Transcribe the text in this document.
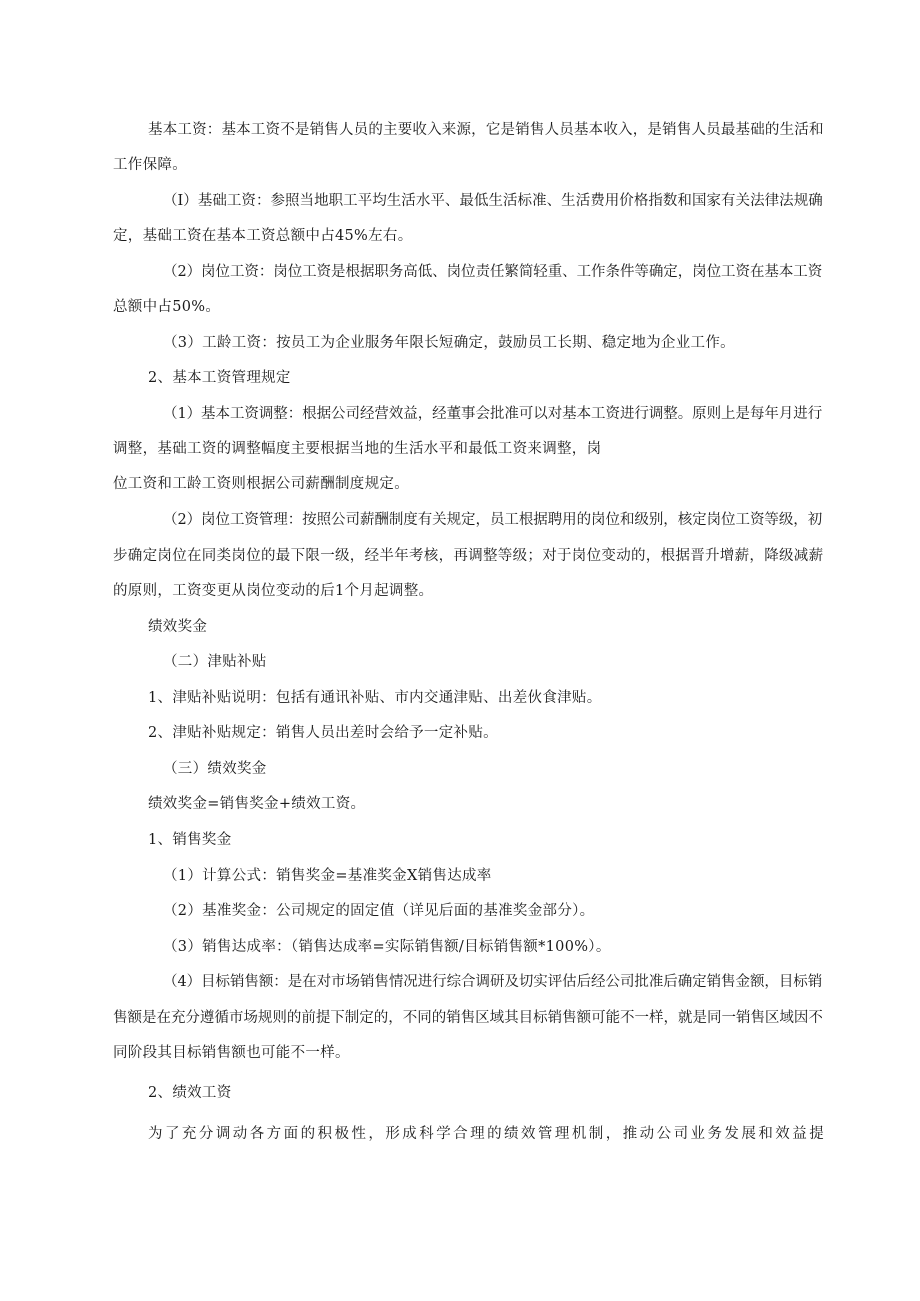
基本工资：基本工资不是销售人员的主要收入来源，它是销售人员基本收入，是销售人员最基础的生活和
工作保障。
（I）基础工资：参照当地职工平均生活水平、最低生活标准、生活费用价格指数和国家有关法律法规确
定，基础工资在基本工资总额中占45%左右。
（2）岗位工资：岗位工资是根据职务高低、岗位责任繁简轻重、工作条件等确定，岗位工资在基本工资
总额中占50%。
（3）工龄工资：按员工为企业服务年限长短确定，鼓励员工长期、稳定地为企业工作。
2、基本工资管理规定
（1）基本工资调整：根据公司经营效益，经董事会批准可以对基本工资进行调整。原则上是每年月进行
调整，基础工资的调整幅度主要根据当地的生活水平和最低工资来调整，岗
位工资和工龄工资则根据公司薪酬制度规定。
（2）岗位工资管理：按照公司薪酬制度有关规定，员工根据聘用的岗位和级别，核定岗位工资等级，初
步确定岗位在同类岗位的最下限一级，经半年考核，再调整等级；对于岗位变动的，根据晋升增薪，降级减薪
的原则，工资变更从岗位变动的后1个月起调整。
绩效奖金
（二）津贴补贴
1、津贴补贴说明：包括有通讯补贴、市内交通津贴、出差伙食津贴。
2、津贴补贴规定：销售人员出差时会给予一定补贴。
（三）绩效奖金
绩效奖金=销售奖金+绩效工资。
1、销售奖金
（1）计算公式：销售奖金=基准奖金X销售达成率
（2）基准奖金：公司规定的固定值（详见后面的基准奖金部分）。
（3）销售达成率：（销售达成率=实际销售额/目标销售额*100%）。
（4）目标销售额：是在对市场销售情况进行综合调研及切实评估后经公司批准后确定销售金额，目标销
售额是在充分遵循市场规则的前提下制定的，不同的销售区域其目标销售额可能不一样，就是同一销售区域因不
同阶段其目标销售额也可能不一样。
2、绩效工资
为了充分调动各方面的积极性，形成科学合理的绩效管理机制，推动公司业务发展和效益提
